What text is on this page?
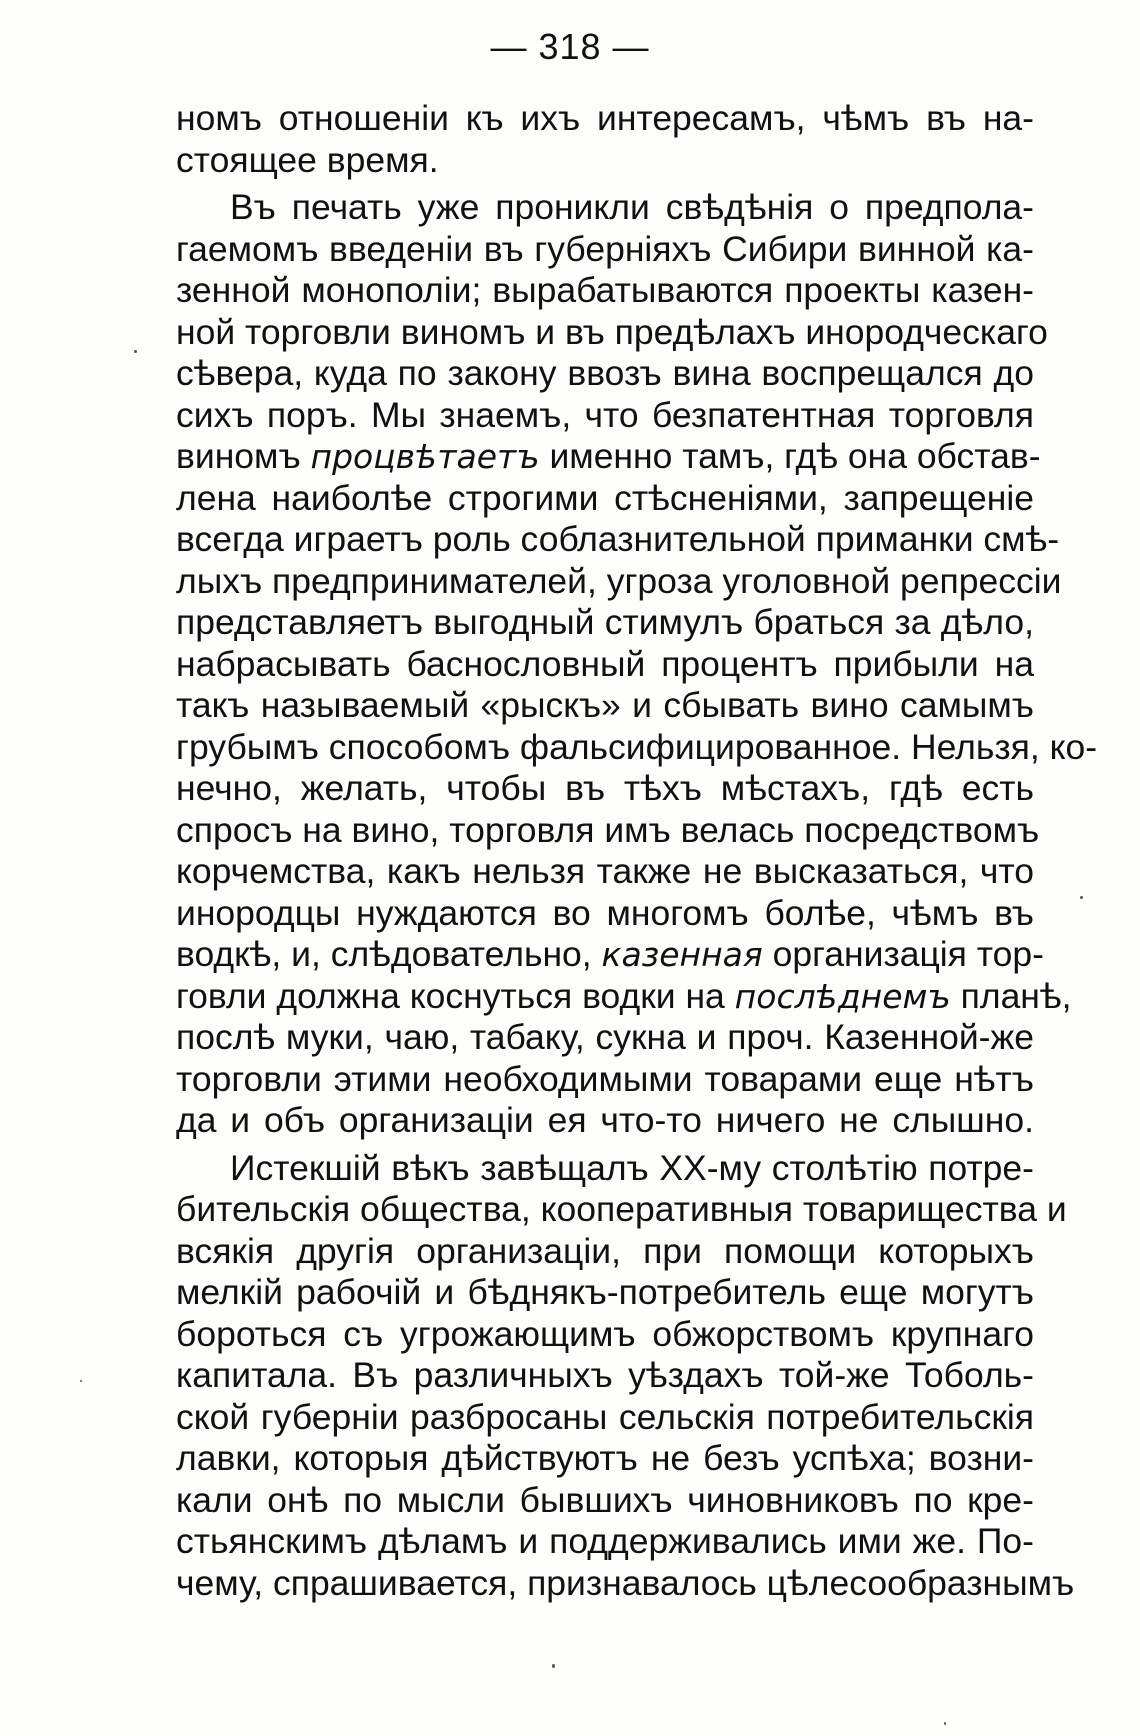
— 318 —
номъ отношеніи къ ихъ интересамъ, чѣмъ въ на-
стоящее время.
Въ печать уже проникли свѣдѣнія о предпола-
гаемомъ введеніи въ губерніяхъ Сибири винной ка-
зенной монополіи; вырабатываются проекты казен-
ной торговли виномъ и въ предѣлахъ инородческаго
сѣвера, куда по закону ввозъ вина воспрещался до
сихъ поръ. Мы знаемъ, что безпатентная торговля
виномъ процвѣтаетъ именно тамъ, гдѣ она обстав-
лена наиболѣе строгими стѣсненіями, запрещеніе
всегда играетъ роль соблазнительной приманки смѣ-
лыхъ предпринимателей, угроза уголовной репрессіи
представляетъ выгодный стимулъ браться за дѣло,
набрасывать баснословный процентъ прибыли на
такъ называемый «рыскъ» и сбывать вино самымъ
грубымъ способомъ фальсифицированное. Нельзя, ко-
нечно, желать, чтобы въ тѣхъ мѣстахъ, гдѣ есть
спросъ на вино, торговля имъ велась посредствомъ
корчемства, какъ нельзя также не высказаться, что
инородцы нуждаются во многомъ болѣе, чѣмъ въ
водкѣ, и, слѣдовательно, казенная организація тор-
говли должна коснуться водки на послѣднемъ планѣ,
послѣ муки, чаю, табаку, сукна и проч. Казенной-же
торговли этими необходимыми товарами еще нѣтъ
да и объ организаціи ея что-то ничего не слышно.
Истекшій вѣкъ завѣщалъ XX-му столѣтію потре-
бительскія общества, кооперативныя товарищества и
всякія другія организаціи, при помощи которыхъ
мелкій рабочій и бѣднякъ-потребитель еще могутъ
бороться съ угрожающимъ обжорствомъ крупнаго
капитала. Въ различныхъ уѣздахъ той-же Тоболь-
ской губерніи разбросаны сельскія потребительскія
лавки, которыя дѣйствуютъ не безъ успѣха; возни-
кали онѣ по мысли бывшихъ чиновниковъ по кре-
стьянскимъ дѣламъ и поддерживались ими же. По-
чему, спрашивается, признавалось цѣлесообразнымъ
